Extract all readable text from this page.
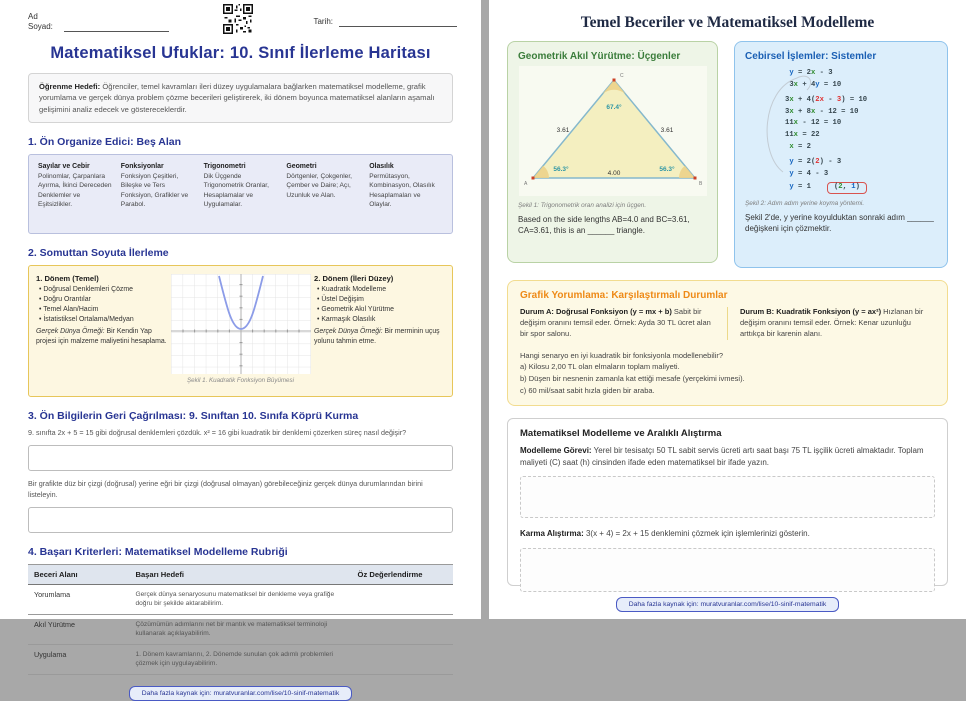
Ad Soyad:
Tarih:
Matematiksel Ufuklar: 10. Sınıf İlerleme Haritası
Öğrenme Hedefi: Öğrenciler, temel kavramları ileri düzey uygulamalara bağlarken matematiksel modelleme, grafik yorumlama ve gerçek dünya problem çözme becerileri geliştirerek, iki dönem boyunca matematiksel alanların aşamalı gelişimini analiz edecek ve göstereceklerdir.
1. Ön Organize Edici: Beş Alan
Sayılar ve Cebir
Polinomlar, Çarpanlara Ayırma, İkinci Dereceden Denklemler ve Eşitsizlikler.
Fonksiyonlar
Fonksiyon Çeşitleri, Bileşke ve Ters Fonksiyon, Grafikler ve Parabol.
Trigonometri
Dik Üçgende Trigonometrik Oranlar, Hesaplamalar ve Uygulamalar.
Geometri
Dörtgenler, Çokgenler, Çember ve Daire; Açı, Uzunluk ve Alan.
Olasılık
Permütasyon, Kombinasyon, Olasılık Hesaplamaları ve Olaylar.
2. Somuttan Soyuta İlerleme
1. Dönem (Temel)
• Doğrusal Denklemleri Çözme
• Doğru Orantılar
• Temel Alan/Hacim
• İstatistiksel Ortalama/Medyan
Gerçek Dünya Örneği: Bir Kendin Yap projesi için malzeme maliyetini hesaplama.
Şekil 1. Kuadratik Fonksiyon Büyümesi
2. Dönem (İleri Düzey)
• Kuadratik Modelleme
• Üstel Değişim
• Geometrik Akıl Yürütme
• Karmaşık Olasılık
Gerçek Dünya Örneği: Bir merminin uçuş yolunu tahmin etme.
3. Ön Bilgilerin Geri Çağrılması: 9. Sınıftan 10. Sınıfa Köprü Kurma

9. sınıfta 2x + 5 = 15 gibi doğrusal denklemleri çözdük. x² = 16 gibi kuadratik bir denklemi çözerken süreç nasıl değişir?

Bir grafikte düz bir çizgi (doğrusal) yerine eğri bir çizgi (doğrusal olmayan) görebileceğiniz gerçek dünya durumlarından birini listeleyin.

4. Başarı Kriterleri: Matematiksel Modelleme Rubriği
Beceri Alanı	Başarı Hedefi	Öz Değerlendirme
Yorumlama	Gerçek dünya senaryosunu matematiksel bir denkleme veya grafiğe doğru bir şekilde aktarabilirim.
Akıl Yürütme	Çözümümün adımlarını net bir mantık ve matematiksel terminoloji kullanarak açıklayabilirim.
Uygulama	1. Dönem kavramlarını, 2. Dönemde sunulan çok adımlı problemleri çözmek için uygulayabilirim.
Daha fazla kaynak için: muratvuranlar.com/lise/10-sinif-matematik
Temel Beceriler ve Matematiksel Modelleme
Geometrik Akıl Yürütme: Üçgenler
C
A	B
67.4°
56.3°	56.3°
3.61	3.61
4.00
Şekil 1: Trigonometrik oran analizi için üçgen.

Based on the side lengths AB=4.0 and BC=3.61, CA=3.61, this is an ______ triangle.

Cebirsel İşlemler: Sistemler
y = 2x - 3
3x + 4y = 10
3x + 4(2x - 3) = 10
3x + 8x - 12 = 10
11x - 12 = 10
11x = 22
x = 2
y = 2(2) - 3
y = 4 - 3
y = 1	(2, 1)
Şekil 2: Adım adım yerine koyma yöntemi.

Şekil 2'de, y yerine koyulduktan sonraki adım ______ değişkeni için çözmektir.

Grafik Yorumlama: Karşılaştırmalı Durumlar
Durum A: Doğrusal Fonksiyon (y = mx + b) Sabit bir değişim oranını temsil eder. Örnek: Ayda 30 TL ücret alan bir spor salonu.
Durum B: Kuadratik Fonksiyon (y = ax²) Hızlanan bir değişim oranını temsil eder. Örnek: Kenar uzunluğu arttıkça bir karenin alanı.
Hangi senaryo en iyi kuadratik bir fonksiyonla modellenebilir?
a) Kilosu 2,00 TL olan elmaların toplam maliyeti.
b) Düşen bir nesnenin zamanla kat ettiği mesafe (yerçekimi ivmesi).
c) 60 mil/saat sabit hızla giden bir araba.
Matematiksel Modelleme ve Aralıklı Alıştırma

Modelleme Görevi: Yerel bir tesisatçı 50 TL sabit servis ücreti artı saat başı 75 TL işçilik ücreti almaktadır. Toplam maliyeti (C) saat (h) cinsinden ifade eden matematiksel bir ifade yazın.

Karma Alıştırma: 3(x + 4) = 2x + 15 denklemini çözmek için işlemlerinizi gösterin.

Daha fazla kaynak için: muratvuranlar.com/lise/10-sinif-matematik
